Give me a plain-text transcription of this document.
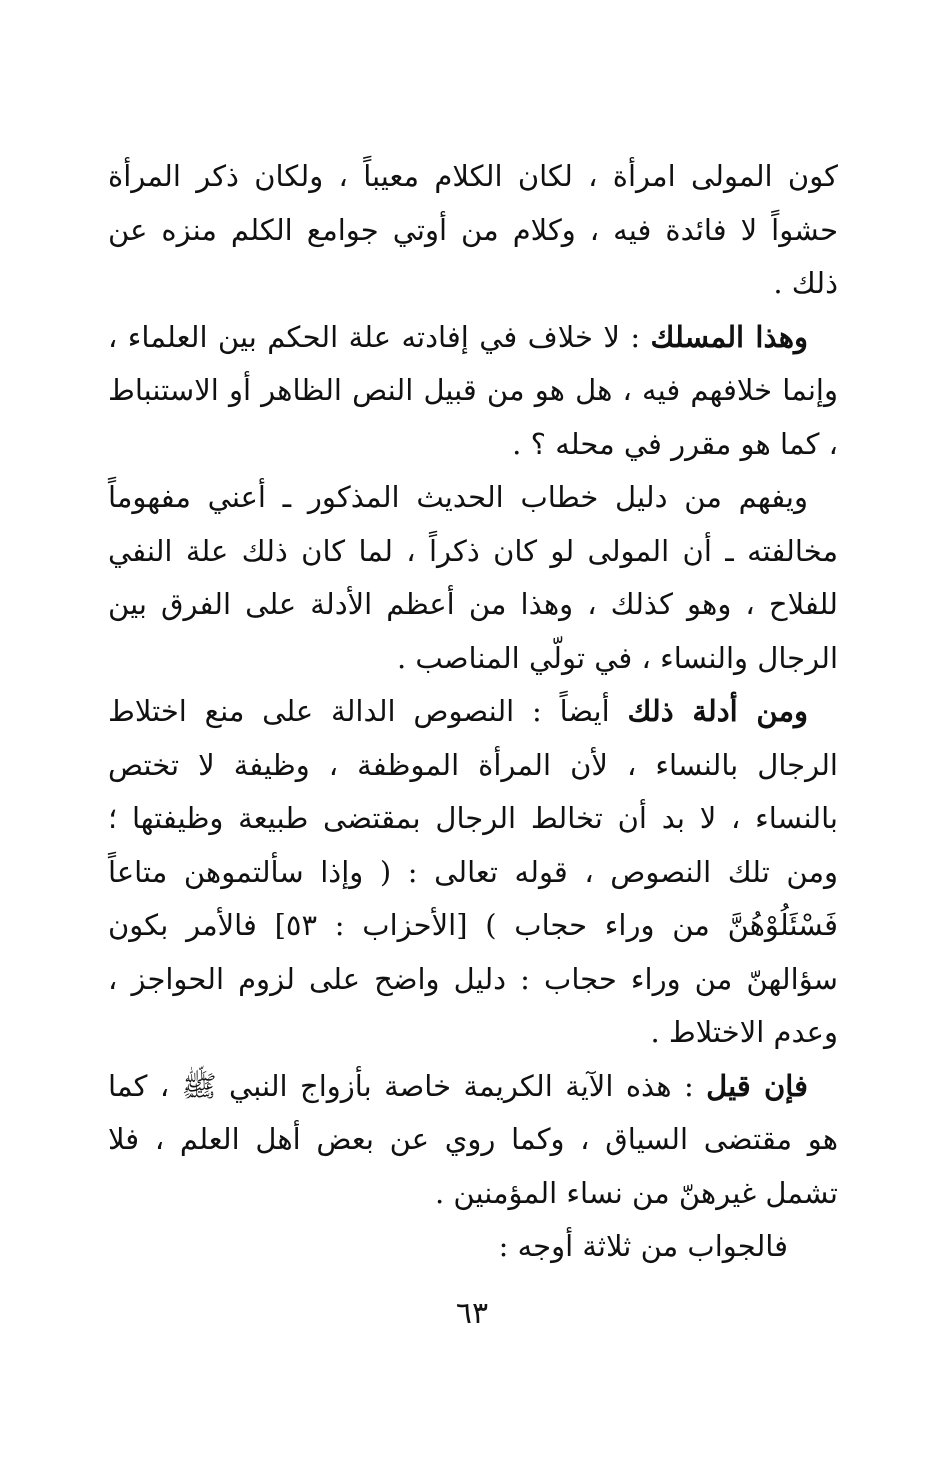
كون المولى امرأة ، لكان الكلام معيباً ، ولكان ذكر المرأة حشواً لا فائدة فيه ، وكلام من أوتي جوامع الكلم منزه عن ذلك .

وهذا المسلك : لا خلاف في إفادته علة الحكم بين العلماء ، وإنما خلافهم فيه ، هل هو من قبيل النص الظاهر أو الاستنباط ، كما هو مقرر في محله ؟ .

ويفهم من دليل خطاب الحديث المذكور ـ أعني مفهوماً مخالفته ـ أن المولى لو كان ذكراً ، لما كان ذلك علة النفي للفلاح ، وهو كذلك ، وهذا من أعظم الأدلة على الفرق بين الرجال والنساء ، في تولّي المناصب .

ومن أدلة ذلك أيضاً : النصوص الدالة على منع اختلاط الرجال بالنساء ، لأن المرأة الموظفة ، وظيفة لا تختص بالنساء ، لا بد أن تخالط الرجال بمقتضى طبيعة وظيفتها ؛ ومن تلك النصوص ، قوله تعالى : ( وإذا سألتموهن متاعاً فَسْئَلُوْهُنَّ من وراء حجاب ) [الأحزاب : ٥٣] فالأمر بكون سؤالهنّ من وراء حجاب : دليل واضح على لزوم الحواجز ، وعدم الاختلاط .

فإن قيل : هذه الآية الكريمة خاصة بأزواج النبي ﷺ ، كما هو مقتضى السياق ، وكما روي عن بعض أهل العلم ، فلا تشمل غيرهنّ من نساء المؤمنين .

فالجواب من ثلاثة أوجه :

٦٣
